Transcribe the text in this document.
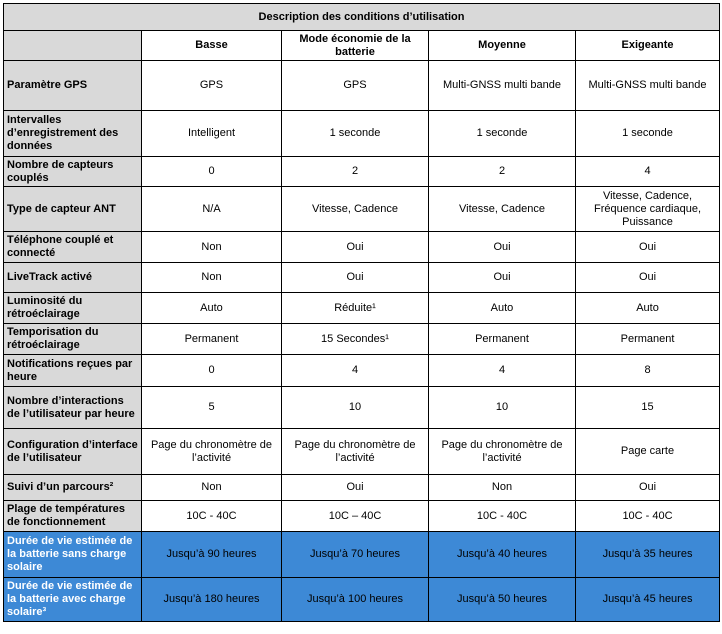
Description des conditions d’utilisation				
	Basse	Mode économie de la batterie	Moyenne	Exigeante
Paramètre GPS	GPS	GPS	Multi-GNSS multi bande	Multi-GNSS multi bande
Intervalles d’enregistrement des données	Intelligent	1 seconde	1 seconde	1 seconde
Nombre de capteurs couplés	0	2	2	4
Type de capteur ANT	N/A	Vitesse, Cadence	Vitesse, Cadence	Vitesse, Cadence, Fréquence cardiaque, Puissance
Téléphone couplé et connecté	Non	Oui	Oui	Oui
LiveTrack activé	Non	Oui	Oui	Oui
Luminosité du rétroéclairage	Auto	Réduite¹	Auto	Auto
Temporisation du rétroéclairage	Permanent	15 Secondes¹	Permanent	Permanent
Notifications reçues par heure	0	4	4	8
Nombre d’interactions de l’utilisateur par heure	5	10	10	15
Configuration d’interface de l’utilisateur	Page du chronomètre de l’activité	Page du chronomètre de l’activité	Page du chronomètre de l’activité	Page carte
Suivi d’un parcours²	Non	Oui	Non	Oui
Plage de températures de fonctionnement	10C - 40C	10C – 40C	10C - 40C	10C - 40C
Durée de vie estimée de la batterie sans charge solaire	Jusqu’à 90 heures	Jusqu’à 70 heures	Jusqu’à 40 heures	Jusqu’à 35 heures
Durée de vie estimée de la batterie avec charge solaire³	Jusqu’à 180 heures	Jusqu’à 100 heures	Jusqu’à 50 heures	Jusqu’à 45 heures
